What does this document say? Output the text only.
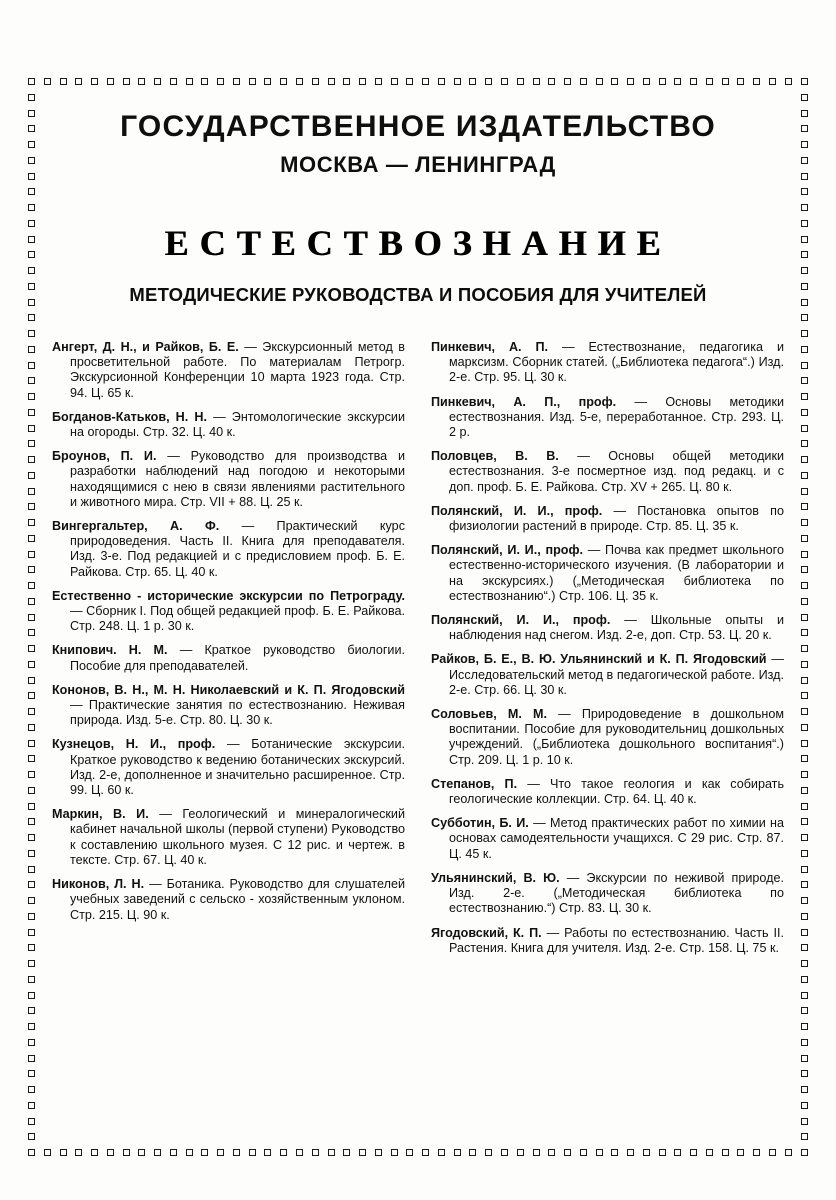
ГОСУДАРСТВЕННОЕ ИЗДАТЕЛЬСТВО
МОСКВА — ЛЕНИНГРАД
ЕСТЕСТВОЗНАНИЕ
МЕТОДИЧЕСКИЕ РУКОВОДСТВА И ПОСОБИЯ ДЛЯ УЧИТЕЛЕЙ
Ангерт, Д. Н., и Райков, Б. Е. — Экскурсионный метод в просветительной работе. По материалам Петрогр. Экскурсионной Конференции 10 марта 1923 года. Стр. 94. Ц. 65 к.
Богданов-Катьков, Н. Н. — Энтомологические экскурсии на огороды. Стр. 32. Ц. 40 к.
Броунов, П. И. — Руководство для производства и разработки наблюдений над погодою и некоторыми находящимися с нею в связи явлениями растительного и животного мира. Стр. VII + 88. Ц. 25 к.
Вингергальтер, А. Ф. — Практический курс природоведения. Часть II. Книга для преподавателя. Изд. 3-е. Под редакцией и с предисловием проф. Б. Е. Райкова. Стр. 65. Ц. 40 к.
Естественно - исторические экскурсии по Петрограду. — Сборник I. Под общей редакцией проф. Б. Е. Райкова. Стр. 248. Ц. 1 р. 30 к.
Книпович. Н. М. — Краткое руководство биологии. Пособие для преподавателей.
Кононов, В. Н., М. Н. Николаевский и К. П. Ягодовский — Практические занятия по естествознанию. Неживая природа. Изд. 5-е. Стр. 80. Ц. 30 к.
Кузнецов, Н. И., проф. — Ботанические экскурсии. Краткое руководство к ведению ботанических экскурсий. Изд. 2-е, дополненное и значительно расширенное. Стр. 99. Ц. 60 к.
Маркин, В. И. — Геологический и минералогический кабинет начальной школы (первой ступени) Руководство к составлению школьного музея. С 12 рис. и чертеж. в тексте. Стр. 67. Ц. 40 к.
Никонов, Л. Н. — Ботаника. Руководство для слушателей учебных заведений с сельско - хозяйственным уклоном. Стр. 215. Ц. 90 к.
Пинкевич, А. П. — Естествознание, педагогика и марксизм. Сборник статей. („Библиотека педагога“.) Изд. 2-е. Стр. 95. Ц. 30 к.
Пинкевич, А. П., проф. — Основы методики естествознания. Изд. 5-е, переработанное. Стр. 293. Ц. 2 р.
Половцев, В. В. — Основы общей методики естествознания. 3-е посмертное изд. под редакц. и с доп. проф. Б. Е. Райкова. Стр. XV + 265. Ц. 80 к.
Полянский, И. И., проф. — Постановка опытов по физиологии растений в природе. Стр. 85. Ц. 35 к.
Полянский, И. И., проф. — Почва как предмет школьного естественно-исторического изучения. (В лаборатории и на экскурсиях.) („Методическая библиотека по естествознанию“.) Стр. 106. Ц. 35 к.
Полянский, И. И., проф. — Школьные опыты и наблюдения над снегом. Изд. 2-е, доп. Стр. 53. Ц. 20 к.
Райков, Б. Е., В. Ю. Ульянинский и К. П. Ягодовский — Исследовательский метод в педагогической работе. Изд. 2-е. Стр. 66. Ц. 30 к.
Соловьев, М. М. — Природоведение в дошкольном воспитании. Пособие для руководительниц дошкольных учреждений. („Библиотека дошкольного воспитания“.) Стр. 209. Ц. 1 р. 10 к.
Степанов, П. — Что такое геология и как собирать геологические коллекции. Стр. 64. Ц. 40 к.
Субботин, Б. И. — Метод практических работ по химии на основах самодеятельности учащихся. С 29 рис. Стр. 87. Ц. 45 к.
Ульянинский, В. Ю. — Экскурсии по неживой природе. Изд. 2-е. („Методическая библиотека по естествознанию.“) Стр. 83. Ц. 30 к.
Ягодовский, К. П. — Работы по естествознанию. Часть II. Растения. Книга для учителя. Изд. 2-е. Стр. 158. Ц. 75 к.
